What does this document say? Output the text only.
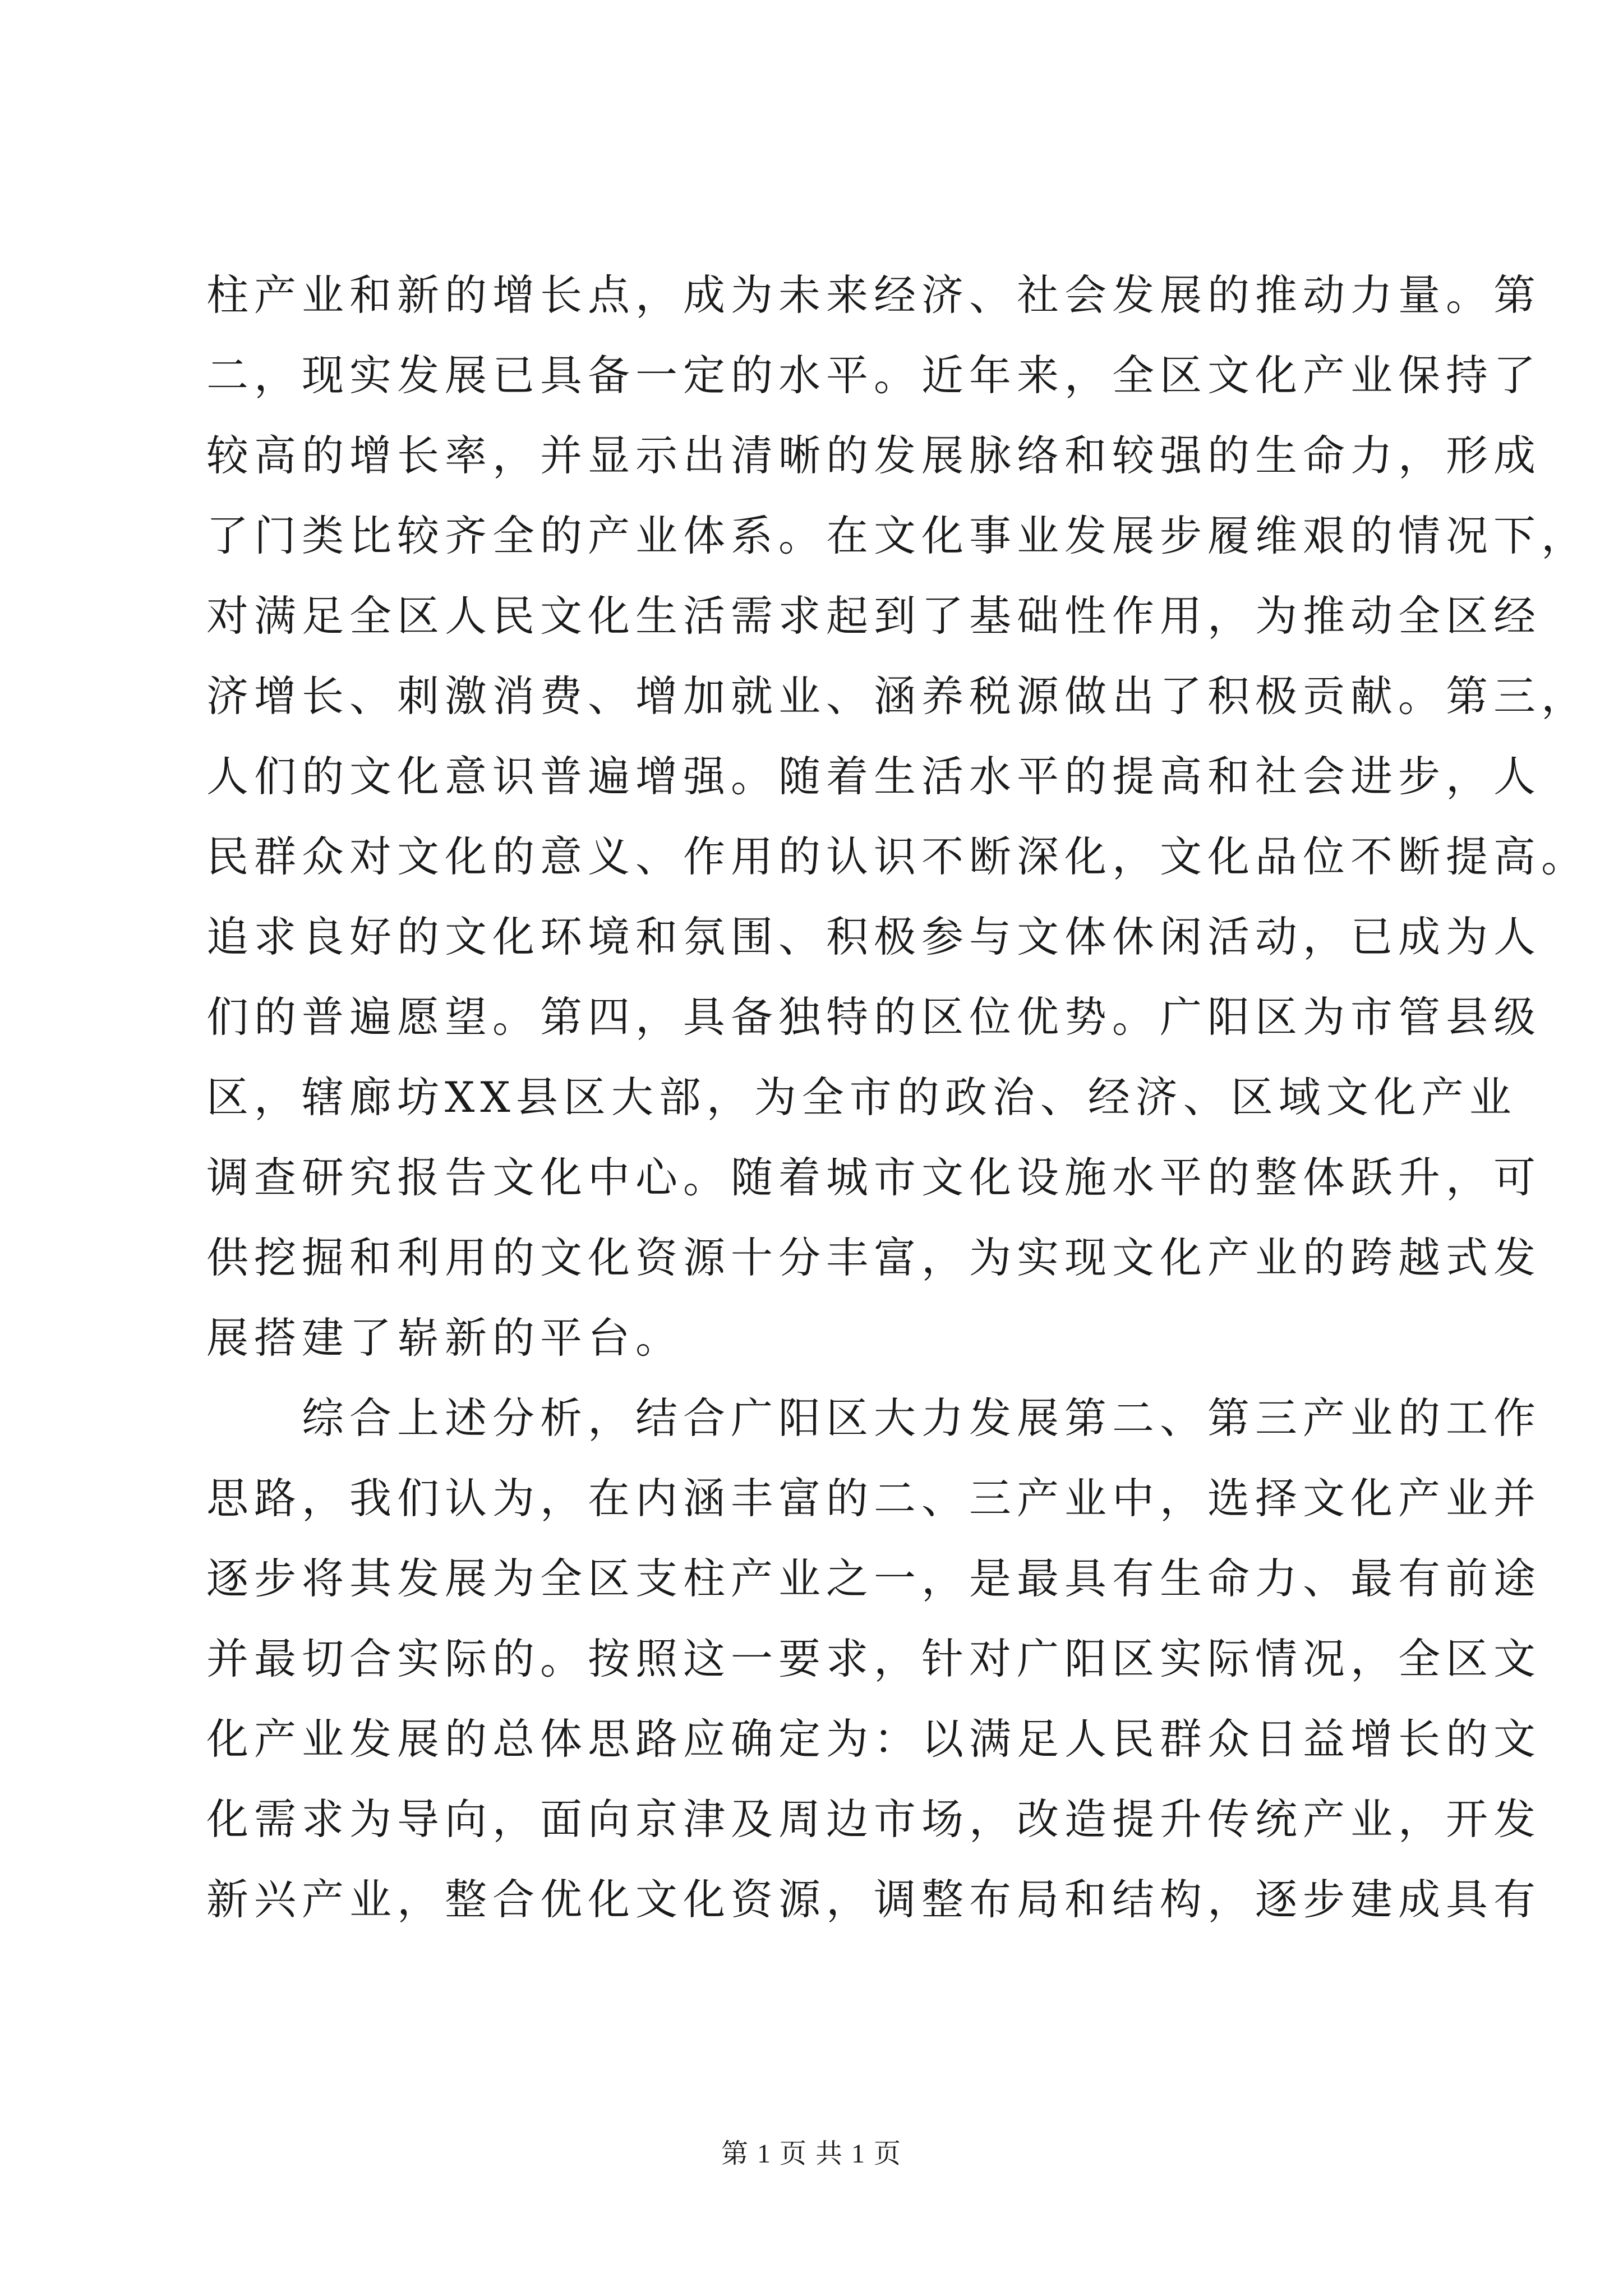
柱产业和新的增长点，成为未来经济、社会发展的推动力量。第
二，现实发展已具备一定的水平。近年来，全区文化产业保持了
较高的增长率，并显示出清晰的发展脉络和较强的生命力，形成
了门类比较齐全的产业体系。在文化事业发展步履维艰的情况下，
对满足全区人民文化生活需求起到了基础性作用，为推动全区经
济增长、刺激消费、增加就业、涵养税源做出了积极贡献。第三，
人们的文化意识普遍增强。随着生活水平的提高和社会进步，人
民群众对文化的意义、作用的认识不断深化，文化品位不断提高。
追求良好的文化环境和氛围、积极参与文体休闲活动，已成为人
们的普遍愿望。第四，具备独特的区位优势。广阳区为市管县级
区，辖廊坊XX县区大部，为全市的政治、经济、区域文化产业
调查研究报告文化中心。随着城市文化设施水平的整体跃升，可
供挖掘和利用的文化资源十分丰富，为实现文化产业的跨越式发
展搭建了崭新的平台。
　　综合上述分析，结合广阳区大力发展第二、第三产业的工作
思路，我们认为，在内涵丰富的二、三产业中，选择文化产业并
逐步将其发展为全区支柱产业之一，是最具有生命力、最有前途
并最切合实际的。按照这一要求，针对广阳区实际情况，全区文
化产业发展的总体思路应确定为：以满足人民群众日益增长的文
化需求为导向，面向京津及周边市场，改造提升传统产业，开发
新兴产业，整合优化文化资源，调整布局和结构，逐步建成具有
第 1 页 共 1 页
